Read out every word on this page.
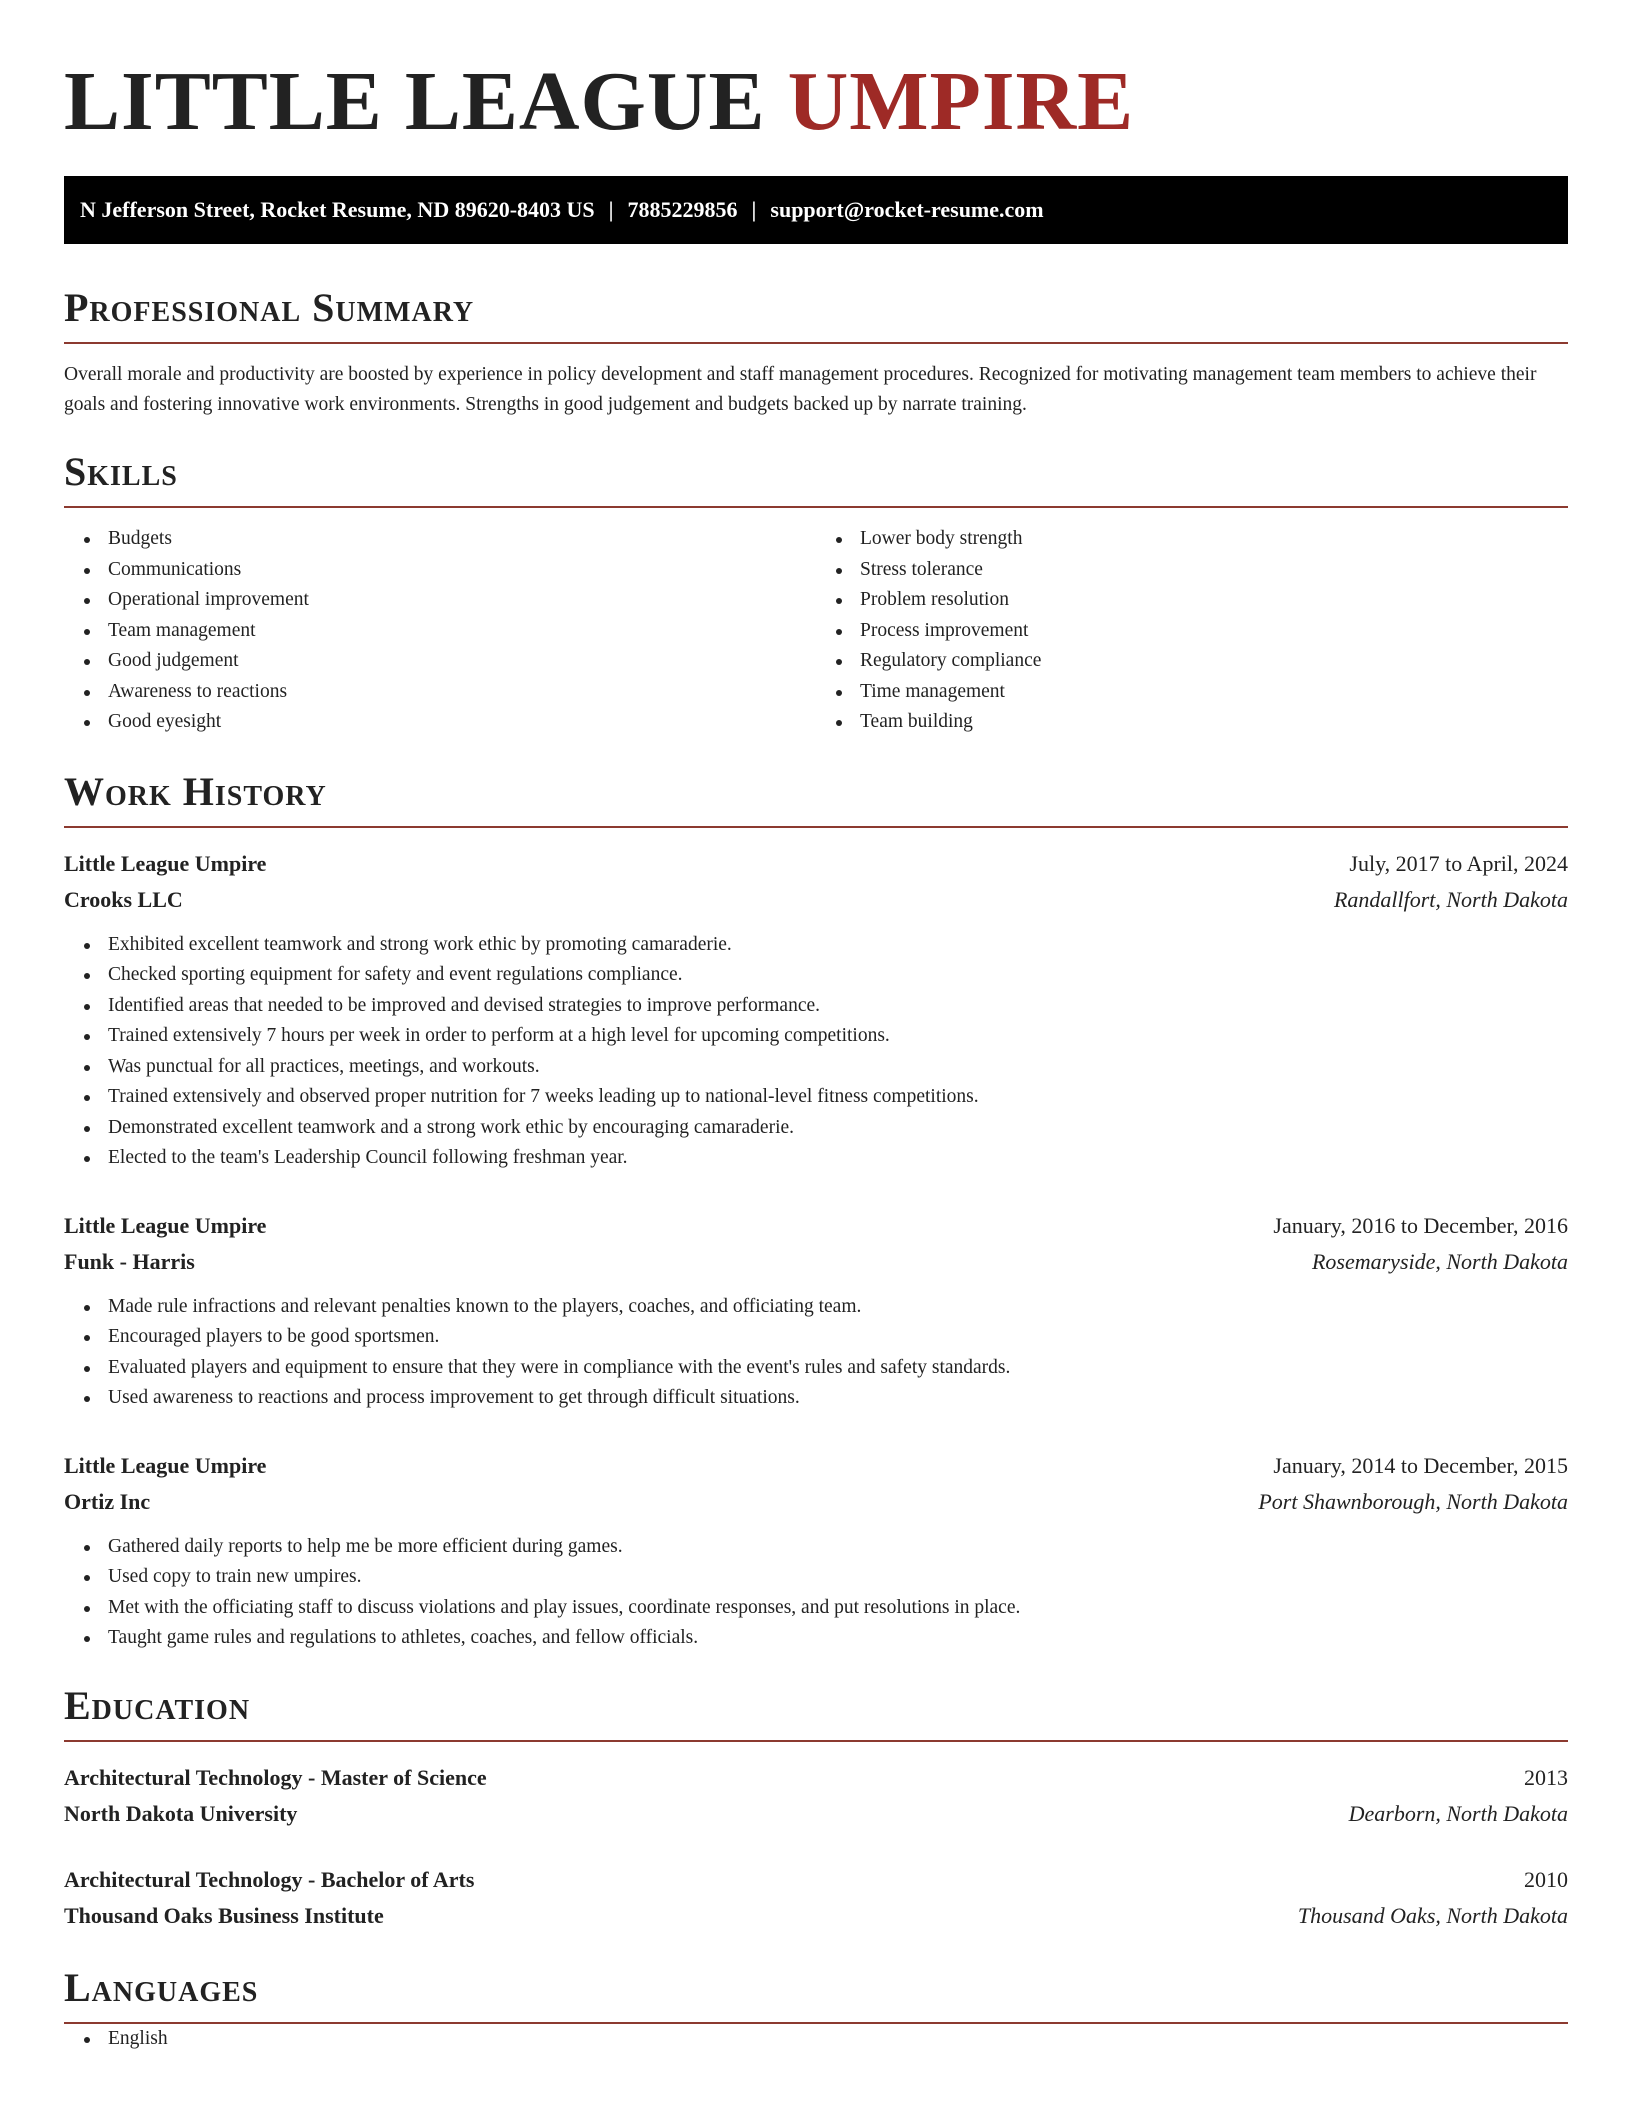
LITTLE LEAGUE UMPIRE
N Jefferson Street, Rocket Resume, ND 89620-8403 US | 7885229856 | support@rocket-resume.com
Professional Summary

Overall morale and productivity are boosted by experience in policy development and staff management procedures. Recognized for motivating management team members to achieve their goals and fostering innovative work environments. Strengths in good judgement and budgets backed up by narrate training.

Skills
Budgets
Communications
Operational improvement
Team management
Good judgement
Awareness to reactions
Good eyesight
Lower body strength
Stress tolerance
Problem resolution
Process improvement
Regulatory compliance
Time management
Team building
Work History
Little League Umpire	July, 2017 to April, 2024
Crooks LLC	Randallfort, North Dakota
Exhibited excellent teamwork and strong work ethic by promoting camaraderie.
Checked sporting equipment for safety and event regulations compliance.
Identified areas that needed to be improved and devised strategies to improve performance.
Trained extensively 7 hours per week in order to perform at a high level for upcoming competitions.
Was punctual for all practices, meetings, and workouts.
Trained extensively and observed proper nutrition for 7 weeks leading up to national-level fitness competitions.
Demonstrated excellent teamwork and a strong work ethic by encouraging camaraderie.
Elected to the team's Leadership Council following freshman year.
Little League Umpire	January, 2016 to December, 2016
Funk - Harris	Rosemaryside, North Dakota
Made rule infractions and relevant penalties known to the players, coaches, and officiating team.
Encouraged players to be good sportsmen.
Evaluated players and equipment to ensure that they were in compliance with the event's rules and safety standards.
Used awareness to reactions and process improvement to get through difficult situations.
Little League Umpire	January, 2014 to December, 2015
Ortiz Inc	Port Shawnborough, North Dakota
Gathered daily reports to help me be more efficient during games.
Used copy to train new umpires.
Met with the officiating staff to discuss violations and play issues, coordinate responses, and put resolutions in place.
Taught game rules and regulations to athletes, coaches, and fellow officials.
Education
Architectural Technology - Master of Science	2013
North Dakota University	Dearborn, North Dakota
Architectural Technology - Bachelor of Arts	2010
Thousand Oaks Business Institute	Thousand Oaks, North Dakota
Languages
English
